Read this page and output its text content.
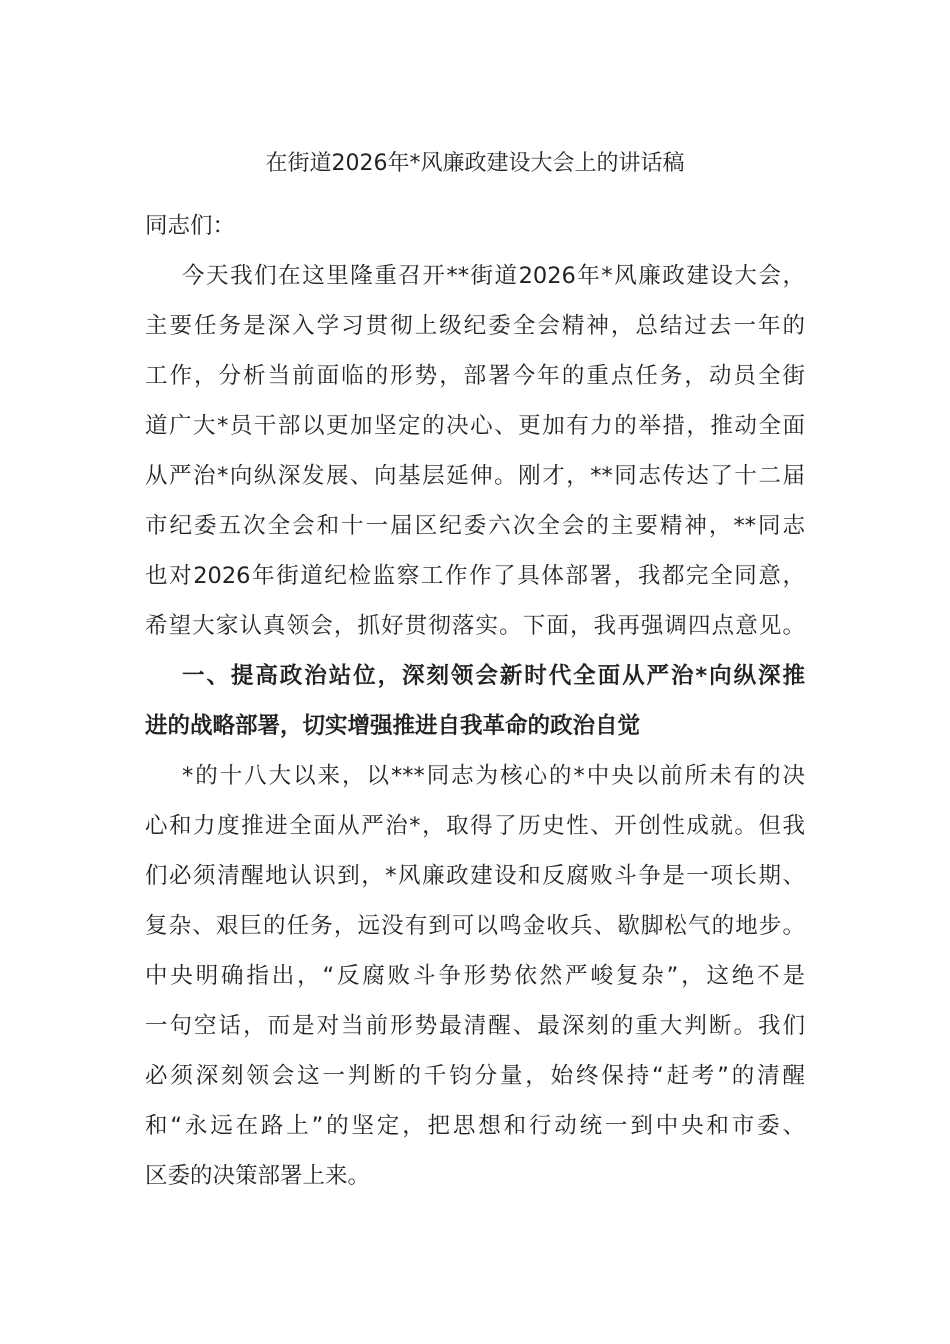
在街道2026年*风廉政建设大会上的讲话稿
同志们：
今天我们在这里隆重召开**街道2026年*风廉政建设大会，
主要任务是深入学习贯彻上级纪委全会精神，总结过去一年的
工作，分析当前面临的形势，部署今年的重点任务，动员全街
道广大*员干部以更加坚定的决心、更加有力的举措，推动全面
从严治*向纵深发展、向基层延伸。刚才，**同志传达了十二届
市纪委五次全会和十一届区纪委六次全会的主要精神，**同志
也对2026年街道纪检监察工作作了具体部署，我都完全同意，
希望大家认真领会，抓好贯彻落实。下面，我再强调四点意见。
一、提高政治站位，深刻领会新时代全面从严治*向纵深推
进的战略部署，切实增强推进自我革命的政治自觉
*的十八大以来，以***同志为核心的*中央以前所未有的决
心和力度推进全面从严治*，取得了历史性、开创性成就。但我
们必须清醒地认识到，*风廉政建设和反腐败斗争是一项长期、
复杂、艰巨的任务，远没有到可以鸣金收兵、歇脚松气的地步。
中央明确指出，“反腐败斗争形势依然严峻复杂”，这绝不是
一句空话，而是对当前形势最清醒、最深刻的重大判断。我们
必须深刻领会这一判断的千钧分量，始终保持“赶考”的清醒
和“永远在路上”的坚定，把思想和行动统一到中央和市委、
区委的决策部署上来。
